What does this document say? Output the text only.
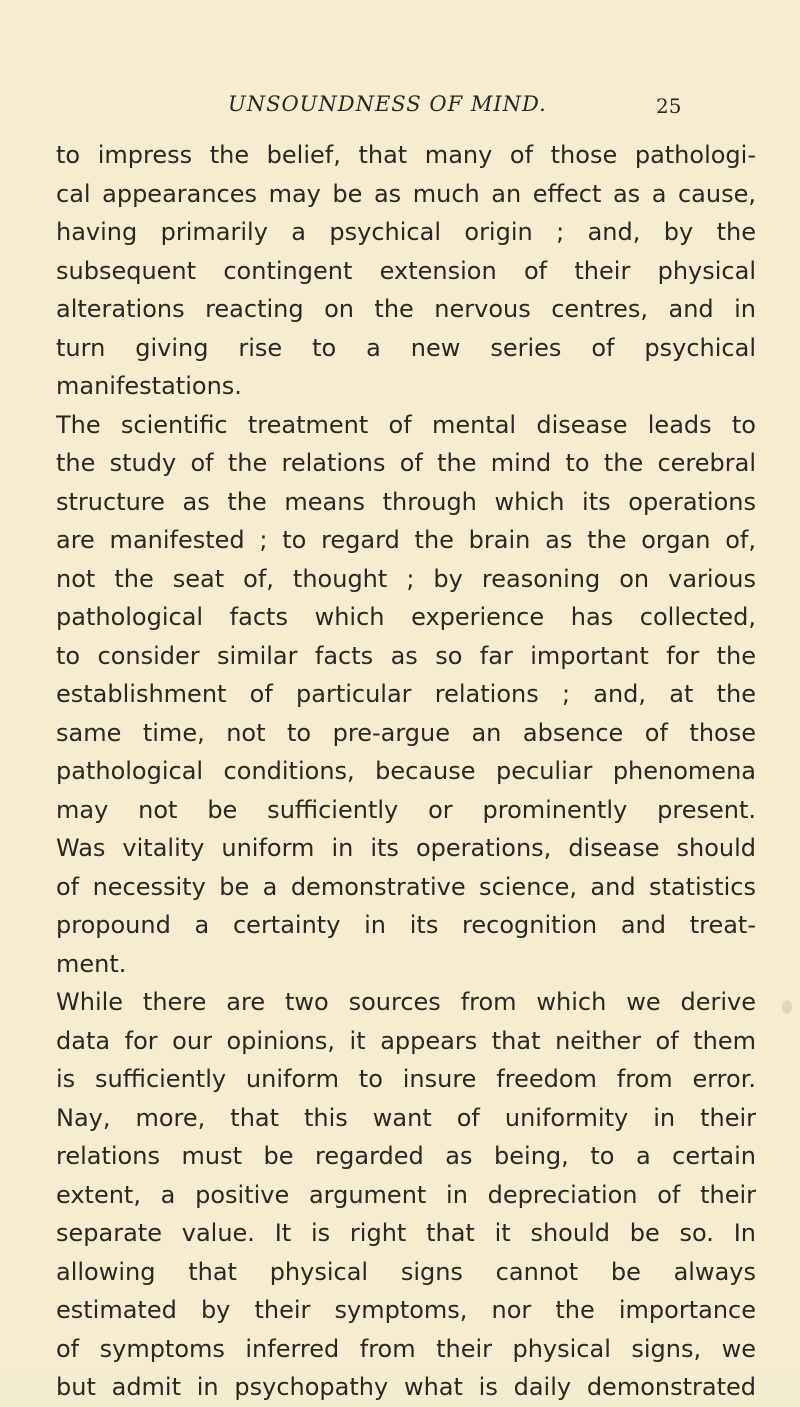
UNSOUNDNESS OF MIND.	25
to impress the belief, that many of those pathologi-
cal appearances may be as much an effect as a cause,
having primarily a psychical origin ; and, by the
subsequent contingent extension of their physical
alterations reacting on the nervous centres, and in
turn giving rise to a new series of psychical
manifestations.
The scientific treatment of mental disease leads to
the study of the relations of the mind to the cerebral
structure as the means through which its operations
are manifested ; to regard the brain as the organ of,
not the seat of, thought ; by reasoning on various
pathological facts which experience has collected,
to consider similar facts as so far important for the
establishment of particular relations ; and, at the
same time, not to pre-argue an absence of those
pathological conditions, because peculiar phenomena
may not be sufficiently or prominently present.
Was vitality uniform in its operations, disease should
of necessity be a demonstrative science, and statistics
propound a certainty in its recognition and treat-
ment.
While there are two sources from which we derive
data for our opinions, it appears that neither of them
is sufficiently uniform to insure freedom from error.
Nay, more, that this want of uniformity in their
relations must be regarded as being, to a certain
extent, a positive argument in depreciation of their
separate value. It is right that it should be so. In
allowing that physical signs cannot be always
estimated by their symptoms, nor the importance
of symptoms inferred from their physical signs, we
but admit in psychopathy what is daily demonstrated
